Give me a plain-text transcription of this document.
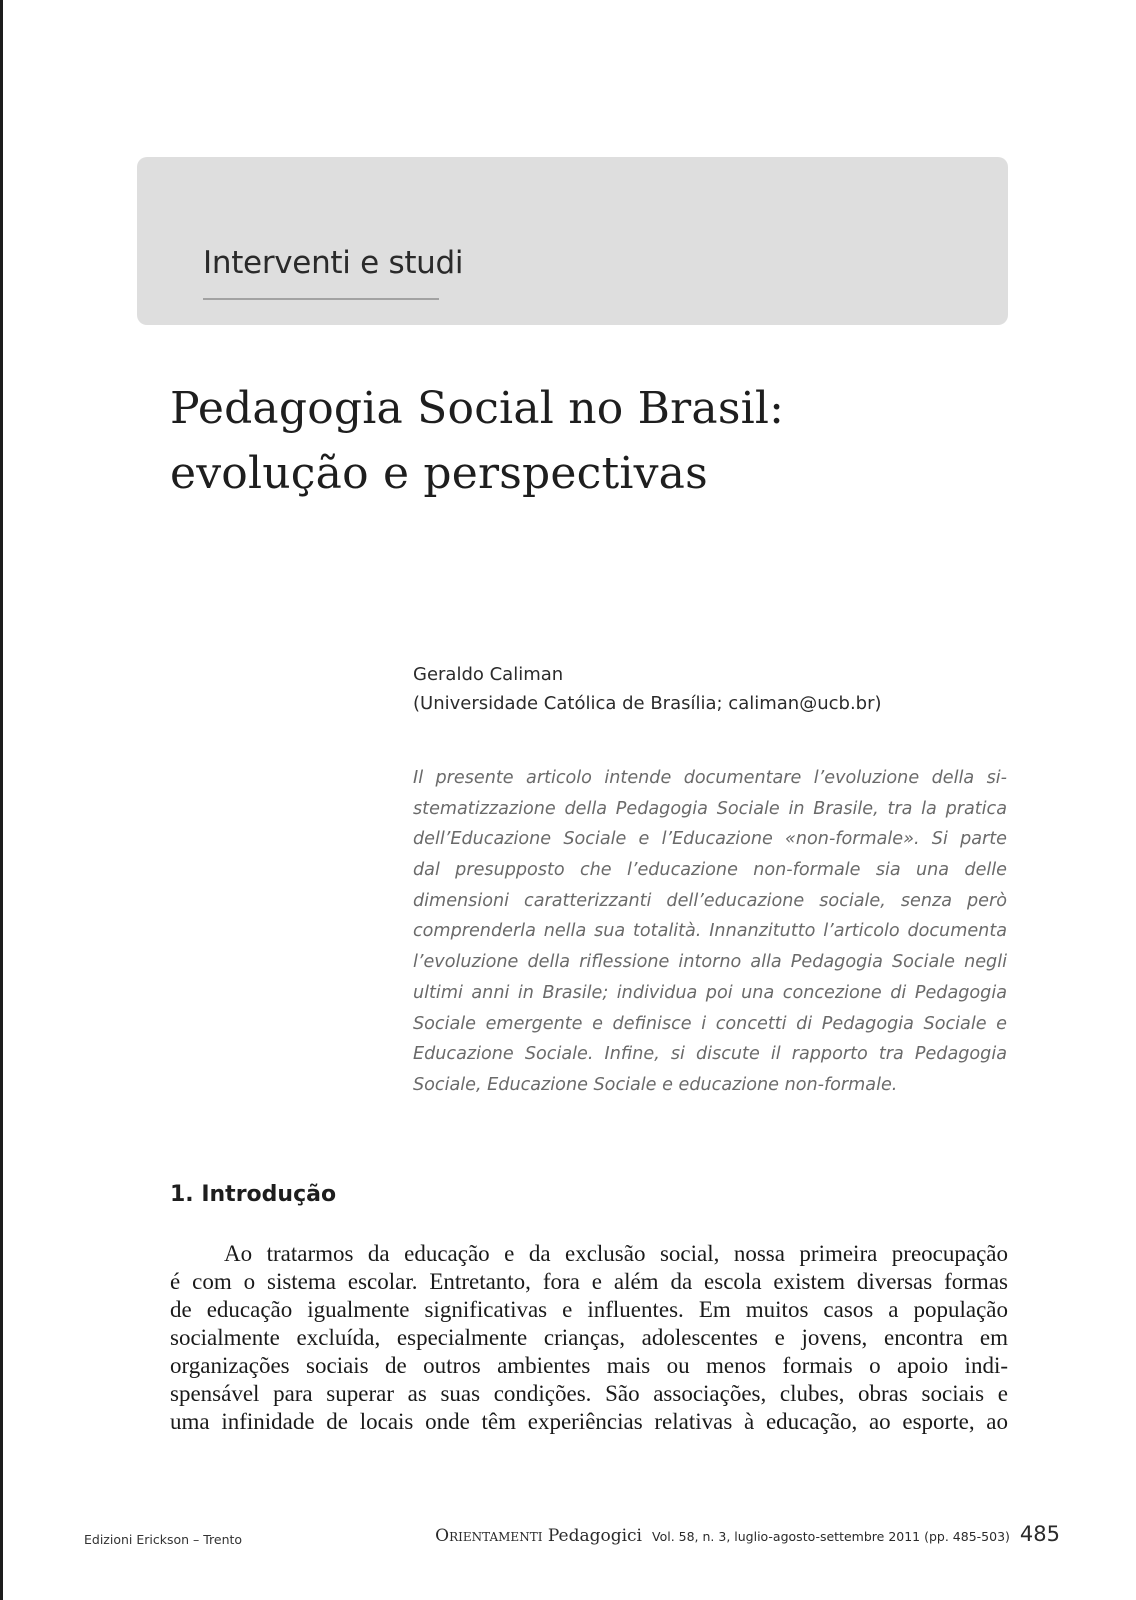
Interventi e studi
Pedagogia Social no Brasil:
evolução e perspectivas
Geraldo Caliman
(Universidade Católica de Brasília; caliman@ucb.br)
Il presente articolo intende documentare l’evoluzione della si-
stematizzazione della Pedagogia Sociale in Brasile, tra la pratica
dell’Educazione Sociale e l’Educazione «non-formale». Si parte
dal presupposto che l’educazione non-formale sia una delle
dimensioni caratterizzanti dell’educazione sociale, senza però
comprenderla nella sua totalità. Innanzitutto l’articolo documenta
l’evoluzione della riflessione intorno alla Pedagogia Sociale negli
ultimi anni in Brasile; individua poi una concezione di Pedagogia
Sociale emergente e definisce i concetti di Pedagogia Sociale e
Educazione Sociale. Infine, si discute il rapporto tra Pedagogia
Sociale, Educazione Sociale e educazione non-formale.
1. Introdução
Ao tratarmos da educação e da exclusão social, nossa primeira preocupação
é com o sistema escolar. Entretanto, fora e além da escola existem diversas formas
de educação igualmente significativas e influentes. Em muitos casos a população
socialmente excluída, especialmente crianças, adolescentes e jovens, encontra em
organizações sociais de outros ambientes mais ou menos formais o apoio indi-
spensável para superar as suas condições. São associações, clubes, obras sociais e
uma infinidade de locais onde têm experiências relativas à educação, ao esporte, ao
Edizioni Erickson – Trento	Orientamenti Pedagogici Vol. 58, n. 3, luglio-agosto-settembre 2011 (pp. 485-503) 485
